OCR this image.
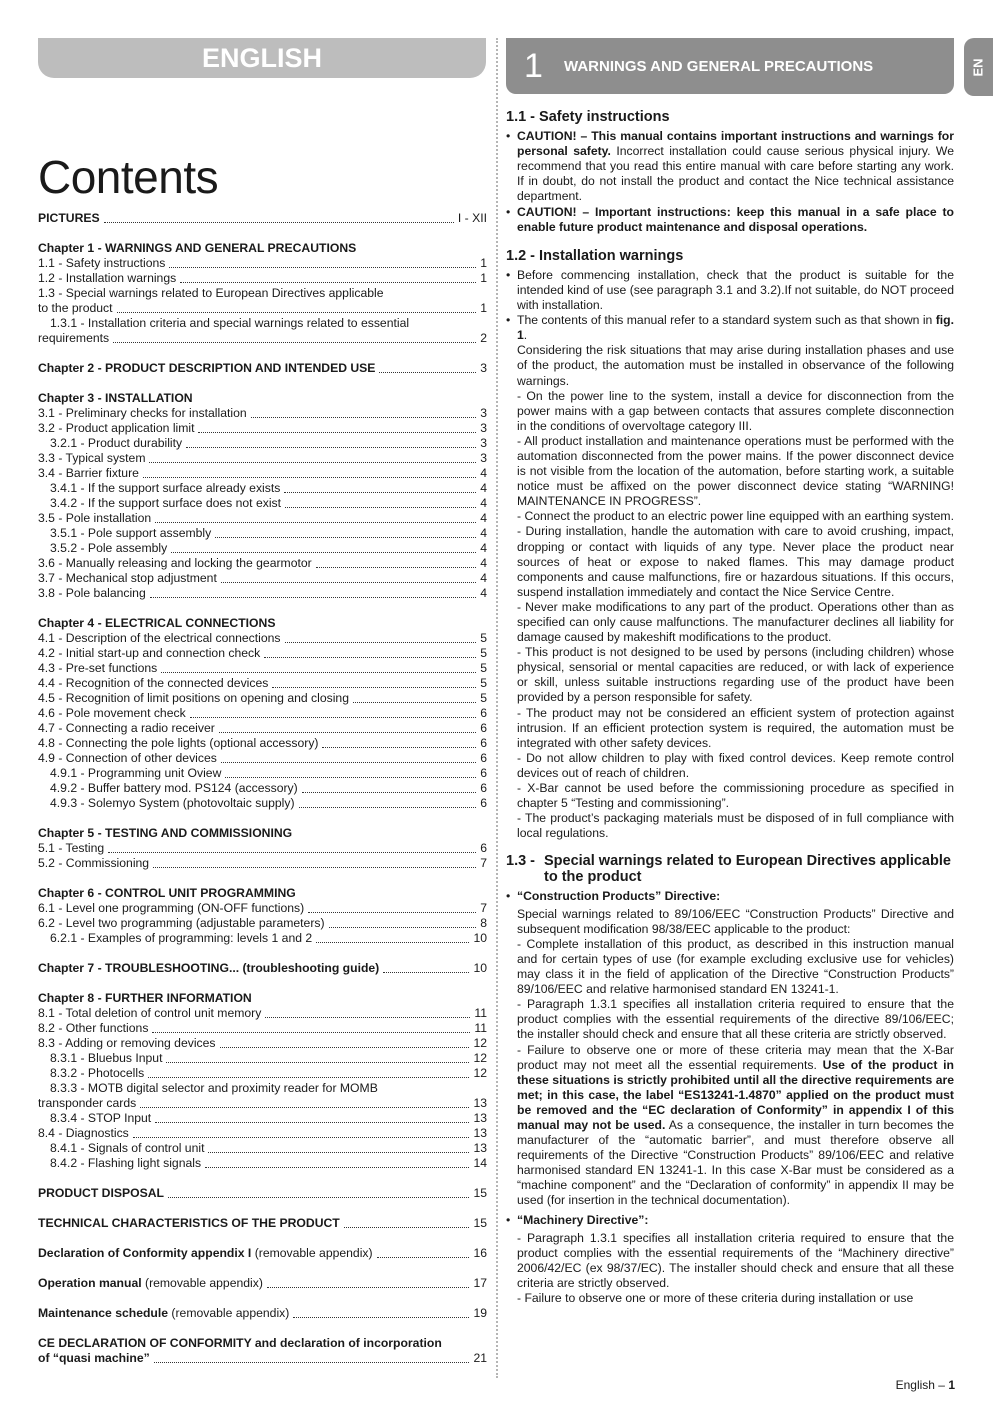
ENGLISH	1	WARNINGS AND GENERAL PRECAUTIONS	EN
Contents
PICTURES	I - XII
Chapter 1 - WARNINGS AND GENERAL PRECAUTIONS
1.1 - Safety instructions	1
1.2 - Installation warnings	1
1.3 - Special warnings related to European Directives applicable
to the product	1
1.3.1 - Installation criteria and special warnings related to essential
requirements	2
Chapter 2 - PRODUCT DESCRIPTION AND INTENDED USE	3
Chapter 3 - INSTALLATION
3.1 - Preliminary checks for installation	3
3.2 - Product application limit	3
3.2.1 - Product durability	3
3.3 - Typical system	3
3.4 - Barrier fixture	4
3.4.1 - If the support surface already exists	4
3.4.2 - If the support surface does not exist	4
3.5 - Pole installation	4
3.5.1 - Pole support assembly	4
3.5.2 - Pole assembly	4
3.6 - Manually releasing and locking the gearmotor	4
3.7 - Mechanical stop adjustment	4
3.8 - Pole balancing	4
Chapter 4 - ELECTRICAL CONNECTIONS
4.1 - Description of the electrical connections	5
4.2 - Initial start-up and connection check	5
4.3 - Pre-set functions	5
4.4 - Recognition of the connected devices	5
4.5 - Recognition of limit positions on opening and closing	5
4.6 - Pole movement check	6
4.7 - Connecting a radio receiver	6
4.8 - Connecting the pole lights (optional accessory)	6
4.9 - Connection of other devices	6
4.9.1 - Programming unit Oview	6
4.9.2 - Buffer battery mod. PS124 (accessory)	6
4.9.3 - Solemyo System (photovoltaic supply)	6
Chapter 5 - TESTING AND COMMISSIONING
5.1 - Testing	6
5.2 - Commissioning	7
Chapter 6 - CONTROL UNIT PROGRAMMING
6.1 - Level one programming (ON-OFF functions)	7
6.2 - Level two programming (adjustable parameters)	8
6.2.1 - Examples of programming: levels 1 and 2	10
Chapter 7 - TROUBLESHOOTING... (troubleshooting guide)	10
Chapter 8 - FURTHER INFORMATION
8.1 - Total deletion of control unit memory	11
8.2 - Other functions	11
8.3 - Adding or removing devices	12
8.3.1 - Bluebus Input	12
8.3.2 - Photocells	12
8.3.3 - MOTB digital selector and proximity reader for MOMB
transponder cards	13
8.3.4 - STOP Input	13
8.4 - Diagnostics	13
8.4.1 - Signals of control unit	13
8.4.2 - Flashing light signals	14
PRODUCT DISPOSAL	15
TECHNICAL CHARACTERISTICS OF THE PRODUCT	15
Declaration of Conformity appendix I (removable appendix)	16
Operation manual (removable appendix)	17
Maintenance schedule (removable appendix)	19
CE DECLARATION OF CONFORMITY and declaration of incorporation
of “quasi machine”	21
1.1 - Safety instructions
• CAUTION! – This manual contains important instructions and warnings for personal safety. Incorrect installation could cause serious physical injury. We recommend that you read this entire manual with care before starting any work. If in doubt, do not install the product and contact the Nice technical assistance department.
• CAUTION! – Important instructions: keep this manual in a safe place to enable future product maintenance and disposal operations.
1.2 - Installation warnings
• Before commencing installation, check that the product is suitable for the intended kind of use (see paragraph 3.1 and 3.2).If not suitable, do NOT proceed with installation.
• The contents of this manual refer to a standard system such as that shown in fig. 1.

Considering the risk situations that may arise during installation phases and use of the product, the automation must be installed in observance of the following warnings.

- On the power line to the system, install a device for disconnection from the power mains with a gap between contacts that assures complete disconnection in the conditions of overvoltage category III.

- All product installation and maintenance operations must be performed with the automation disconnected from the power mains. If the power disconnect device is not visible from the location of the automation, before starting work, a suitable notice must be affixed on the power disconnect device stating “WARNING! MAINTENANCE IN PROGRESS”.

- Connect the product to an electric power line equipped with an earthing system.

- During installation, handle the automation with care to avoid crushing, impact, dropping or contact with liquids of any type. Never place the product near sources of heat or expose to naked flames. This may damage product components and cause malfunctions, fire or hazardous situations. If this occurs, suspend installation immediately and contact the Nice Service Centre.

- Never make modifications to any part of the product. Operations other than as specified can only cause malfunctions. The manufacturer declines all liability for damage caused by makeshift modifications to the product.

- This product is not designed to be used by persons (including children) whose physical, sensorial or mental capacities are reduced, or with lack of experience or skill, unless suitable instructions regarding use of the product have been provided by a person responsible for safety.

- The product may not be considered an efficient system of protection against intrusion. If an efficient protection system is required, the automation must be integrated with other safety devices.

- Do not allow children to play with fixed control devices. Keep remote control devices out of reach of children.

- X-Bar cannot be used before the commissioning procedure as specified in chapter 5 “Testing and commissioning”.

- The product’s packaging materials must be disposed of in full compliance with local regulations.

1.3 - Special warnings related to European Directives applicable to the product
• “Construction Products” Directive:

Special warnings related to 89/106/EEC “Construction Products” Directive and subsequent modification 98/38/EEC applicable to the product:

- Complete installation of this product, as described in this instruction manual and for certain types of use (for example excluding exclusive use for vehicles) may class it in the field of application of the Directive “Construction Products” 89/106/EEC and relative harmonised standard EN 13241-1.

- Paragraph 1.3.1 specifies all installation criteria required to ensure that the product complies with the essential requirements of the directive 89/106/EEC; the installer should check and ensure that all these criteria are strictly observed.

- Failure to observe one or more of these criteria may mean that the X-Bar product may not meet all the essential requirements. Use of the product in these situations is strictly prohibited until all the directive requirements are met; in this case, the label “ES13241-1.4870” applied on the product must be removed and the “EC declaration of Conformity” in appendix I of this manual may not be used. As a consequence, the installer in turn becomes the manufacturer of the “automatic barrier”, and must therefore observe all requirements of the Directive “Construction Products” 89/106/EEC and relative harmonised standard EN 13241-1. In this case X-Bar must be considered as a “machine component” and the “Declaration of conformity” in appendix II may be used (for insertion in the technical documentation).

• “Machinery Directive”:

- Paragraph 1.3.1 specifies all installation criteria required to ensure that the product complies with the essential requirements of the “Machinery directive” 2006/42/EC (ex 98/37/EC). The installer should check and ensure that all these criteria are strictly observed.

- Failure to observe one or more of these criteria during installation or use

English – 1
